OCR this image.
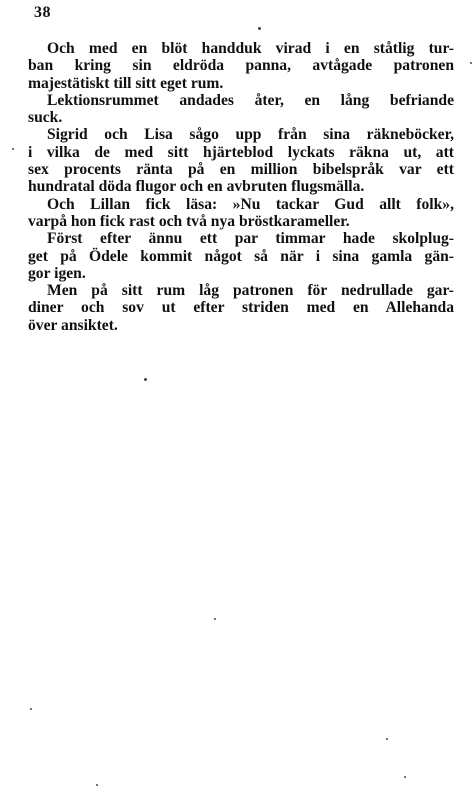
38

Och med en blöt handduk virad i en ståtlig tur-
ban kring sin eldröda panna, avtågade patronen
majestätiskt till sitt eget rum.

Lektionsrummet andades åter, en lång befriande
suck.

Sigrid och Lisa sågo upp från sina räkneböcker,
i vilka de med sitt hjärteblod lyckats räkna ut, att
sex procents ränta på en million bibelspråk var ett
hundratal döda flugor och en avbruten flugsmälla.

Och Lillan fick läsa: »Nu tackar Gud allt folk»,
varpå hon fick rast och två nya bröstkarameller.

Först efter ännu ett par timmar hade skolplug-
get på Ödele kommit något så när i sina gamla gän-
gor igen.

Men på sitt rum låg patronen för nedrullade gar-
diner och sov ut efter striden med en Allehanda
över ansiktet.
